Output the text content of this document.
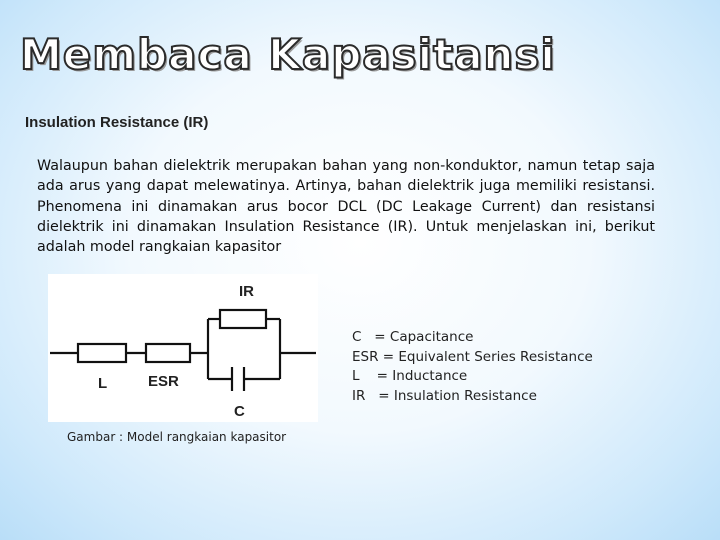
Membaca Kapasitansi

Insulation Resistance (IR)

Walaupun bahan dielektrik merupakan bahan yang non-konduktor, namun tetap saja ada arus yang dapat melewatinya. Artinya, bahan dielektrik juga memiliki resistansi. Phenomena ini dinamakan arus bocor DCL (DC Leakage Current) dan resistansi dielektrik ini dinamakan Insulation Resistance (IR). Untuk menjelaskan ini, berikut adalah model rangkaian kapasitor

IR
L	ESR
C
C   = Capacitance
ESR = Equivalent Series Resistance
L    = Inductance
IR   = Insulation Resistance

Gambar : Model rangkaian kapasitor
